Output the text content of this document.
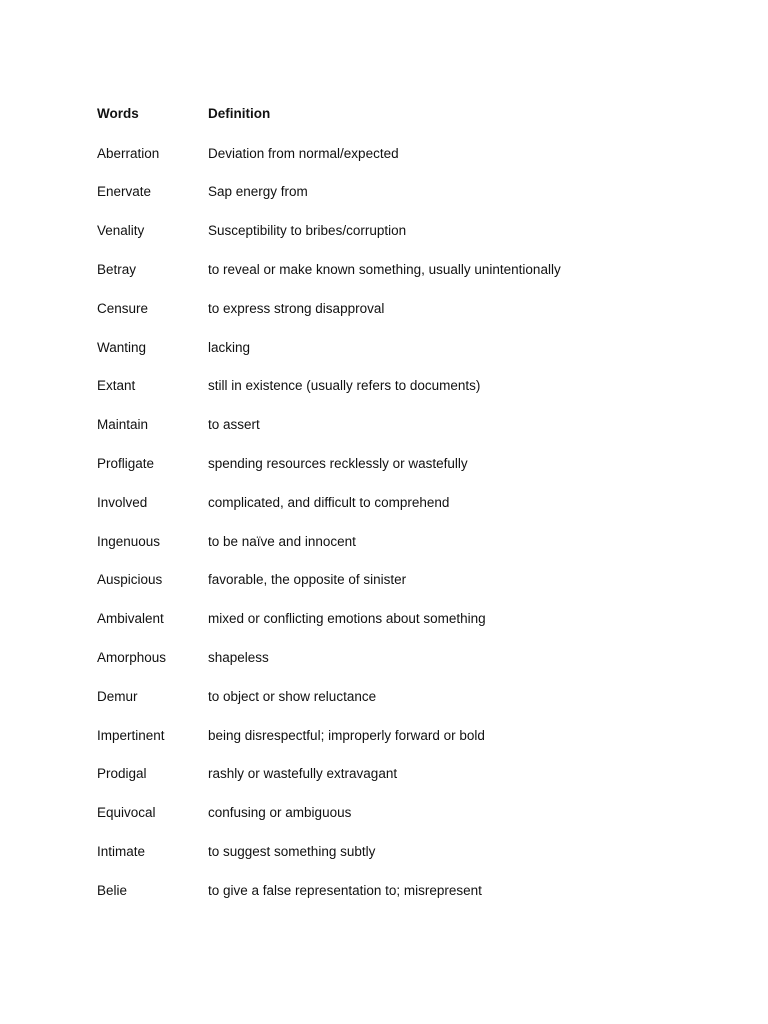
Words	Definition
Aberration	Deviation from normal/expected
Enervate	Sap energy from
Venality	Susceptibility to bribes/corruption
Betray	to reveal or make known something, usually unintentionally
Censure	to express strong disapproval
Wanting	lacking
Extant	still in existence (usually refers to documents)
Maintain	to assert
Profligate	spending resources recklessly or wastefully
Involved	complicated, and difficult to comprehend
Ingenuous	to be naïve and innocent
Auspicious	favorable, the opposite of sinister
Ambivalent	mixed or conflicting emotions about something
Amorphous	shapeless
Demur	to object or show reluctance
Impertinent	being disrespectful; improperly forward or bold
Prodigal	rashly or wastefully extravagant
Equivocal	confusing or ambiguous
Intimate	to suggest something subtly
Belie	to give a false representation to; misrepresent
